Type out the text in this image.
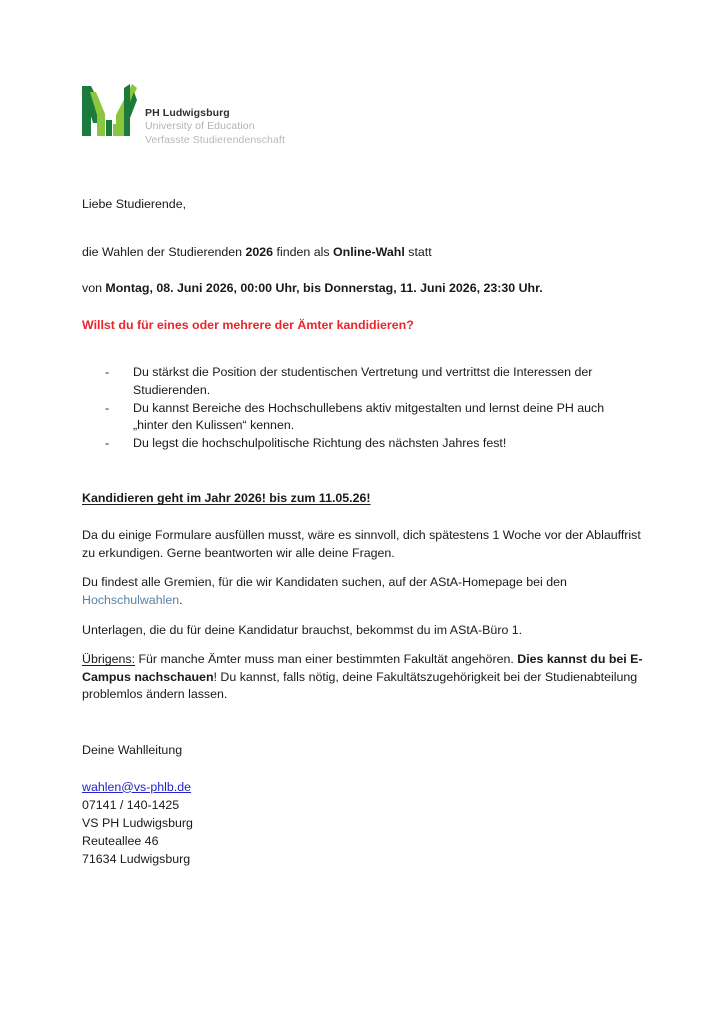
PH Ludwigsburg
University of Education
Verfasste Studierendenschaft

Liebe Studierende,

die Wahlen der Studierenden 2026 finden als Online-Wahl statt

von Montag, 08. Juni 2026, 00:00 Uhr, bis Donnerstag, 11. Juni 2026, 23:30 Uhr.

Willst du für eines oder mehrere der Ämter kandidieren?

-	Du stärkst die Position der studentischen Vertretung und vertrittst die Interessen der Studierenden.
-	Du kannst Bereiche des Hochschullebens aktiv mitgestalten und lernst deine PH auch „hinter den Kulissen“ kennen.
-	Du legst die hochschulpolitische Richtung des nächsten Jahres fest!

Kandidieren geht im Jahr 2026! bis zum 11.05.26!

Da du einige Formulare ausfüllen musst, wäre es sinnvoll, dich spätestens 1 Woche vor der Ablauffrist zu erkundigen. Gerne beantworten wir alle deine Fragen.

Du findest alle Gremien, für die wir Kandidaten suchen, auf der AStA-Homepage bei den Hochschulwahlen.

Unterlagen, die du für deine Kandidatur brauchst, bekommst du im AStA-Büro 1.

Übrigens: Für manche Ämter muss man einer bestimmten Fakultät angehören. Dies kannst du bei E-Campus nachschauen! Du kannst, falls nötig, deine Fakultätszugehörigkeit bei der Studienabteilung problemlos ändern lassen.

Deine Wahlleitung

wahlen@vs-phlb.de
07141 / 140-1425
VS PH Ludwigsburg
Reuteallee 46
71634 Ludwigsburg
